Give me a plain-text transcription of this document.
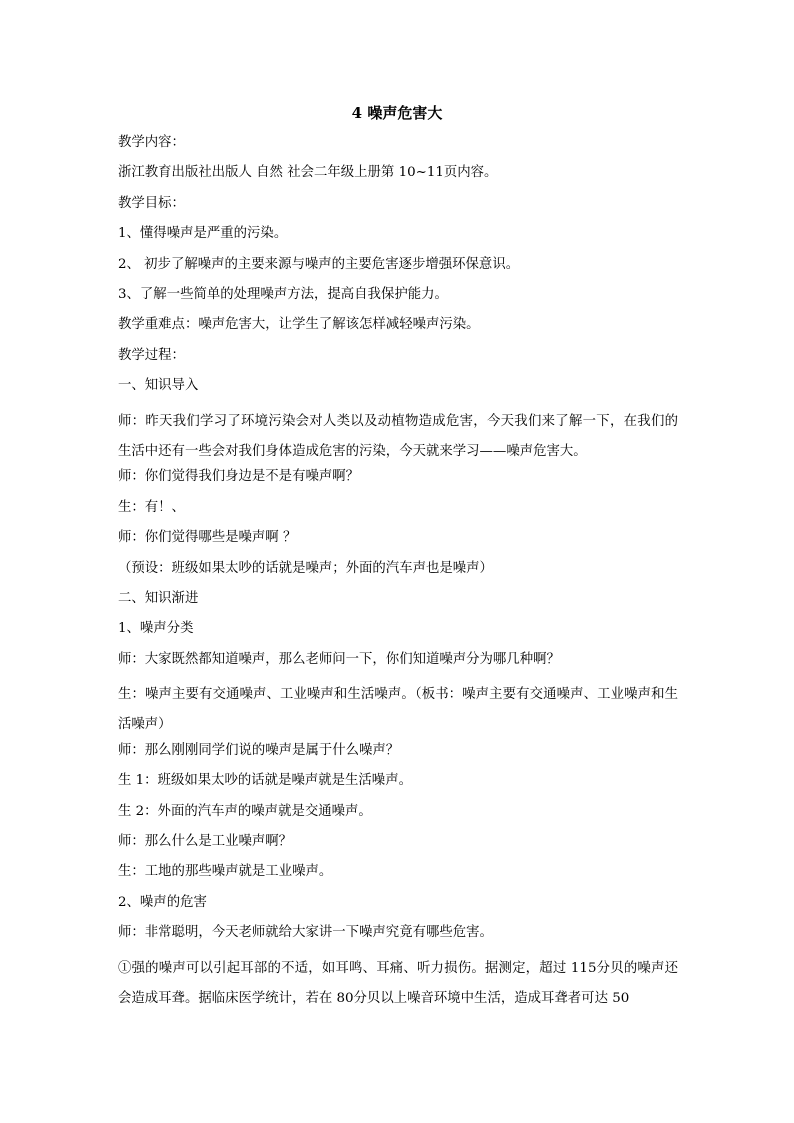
4 噪声危害大
教学内容：
浙江教育出版社出版人 自然 社会二年级上册第 10~11页内容。
教学目标：
1、懂得噪声是严重的污染。
2、 初步了解噪声的主要来源与噪声的主要危害逐步增强环保意识。
3、了解一些简单的处理噪声方法，提高自我保护能力。
教学重难点：噪声危害大，让学生了解该怎样减轻噪声污染。
教学过程：
一、知识导入
师：昨天我们学习了环境污染会对人类以及动植物造成危害，今天我们来了解一下，在我们的生活中还有一些会对我们身体造成危害的污染，今天就来学习——噪声危害大。
师：你们觉得我们身边是不是有噪声啊？
生：有！、
师：你们觉得哪些是噪声啊 ？
（预设：班级如果太吵的话就是噪声；外面的汽车声也是噪声）
二、知识渐进
1、噪声分类
师：大家既然都知道噪声，那么老师问一下，你们知道噪声分为哪几种啊？
生：噪声主要有交通噪声、工业噪声和生活噪声。（板书：噪声主要有交通噪声、工业噪声和生活噪声）
师：那么刚刚同学们说的噪声是属于什么噪声？
生 1：班级如果太吵的话就是噪声就是生活噪声。
生 2：外面的汽车声的噪声就是交通噪声。
师：那么什么是工业噪声啊？
生：工地的那些噪声就是工业噪声。
2、噪声的危害
师：非常聪明，今天老师就给大家讲一下噪声究竟有哪些危害。
①强的噪声可以引起耳部的不适，如耳鸣、耳痛、听力损伤。据测定，超过 115分贝的噪声还会造成耳聋。据临床医学统计，若在 80分贝以上噪音环境中生活，造成耳聋者可达 50
